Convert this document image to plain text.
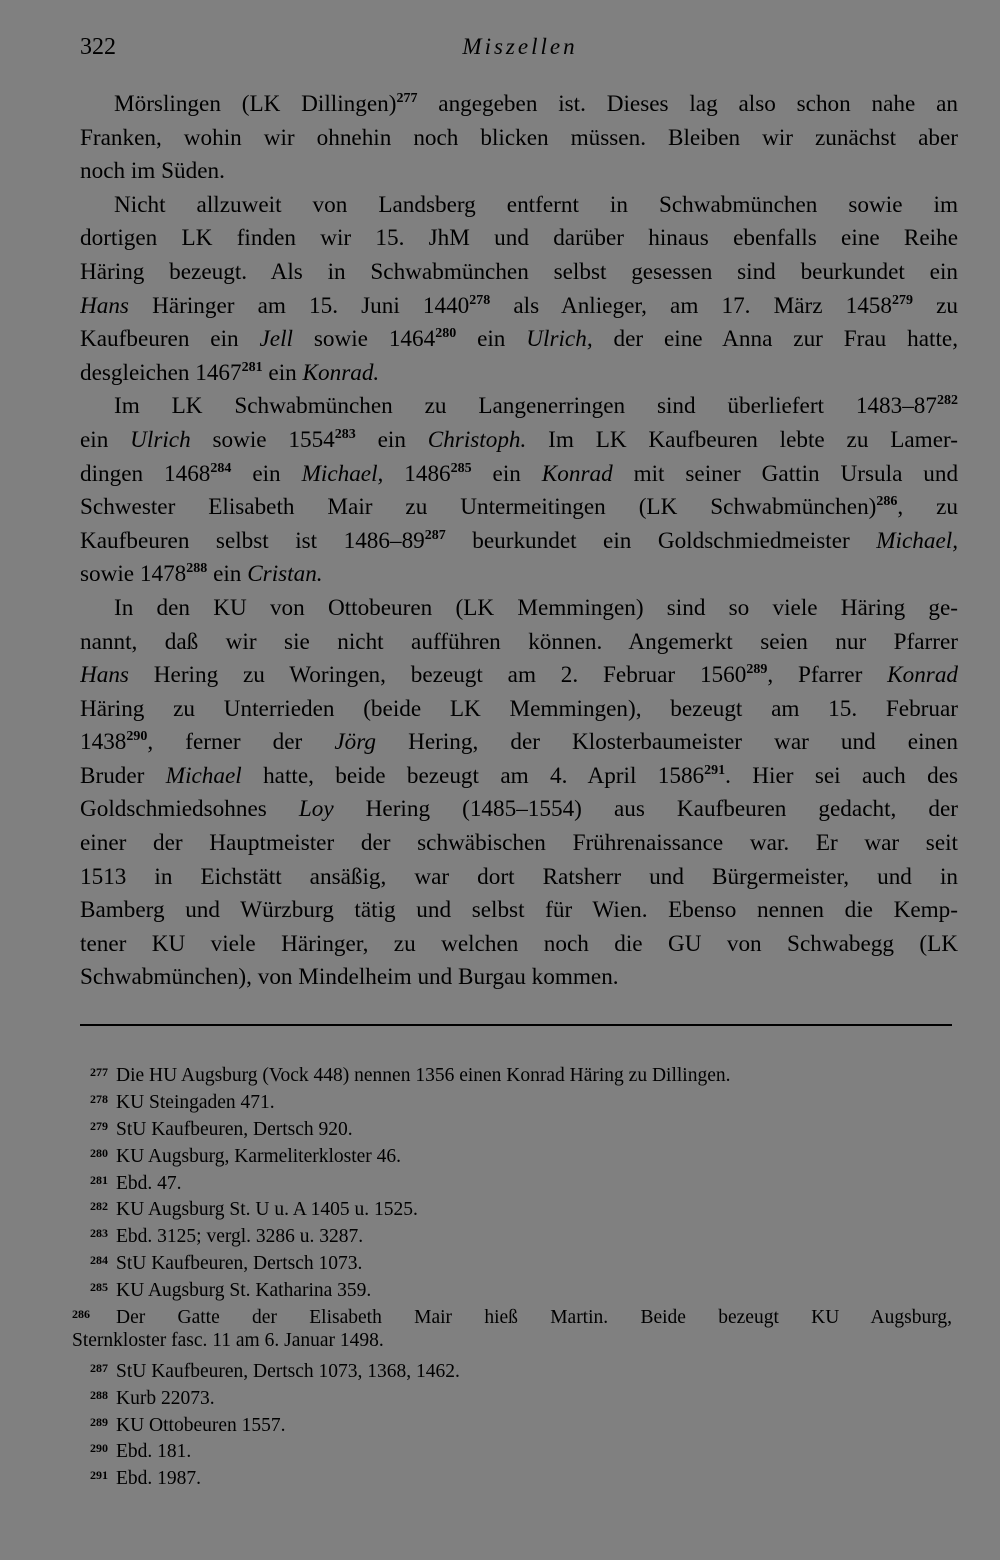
322	Miszellen
Mörslingen (LK Dillingen)$^{277}$ angegeben ist. Dieses lag also schon nahe an
Franken, wohin wir ohnehin noch blicken müssen. Bleiben wir zunächst aber
noch im Süden.
Nicht allzuweit von Landsberg entfernt in Schwabmünchen sowie im
dortigen LK finden wir 15. JhM und darüber hinaus ebenfalls eine Reihe
Häring bezeugt. Als in Schwabmünchen selbst gesessen sind beurkundet ein
Hans Häringer am 15. Juni 1440$^{278}$ als Anlieger, am 17. März 1458$^{279}$ zu
Kaufbeuren ein Jell sowie 1464$^{280}$ ein Ulrich, der eine Anna zur Frau hatte,
desgleichen 1467$^{281}$ ein Konrad.
Im LK Schwabmünchen zu Langenerringen sind überliefert $1483-87^{282}$
ein Ulrich sowie 1554$^{283}$ ein Christoph. Im LK Kaufbeuren lebte zu Lamer-
dingen 1468$^{284}$ ein Michael, 1486$^{285}$ ein Konrad mit seiner Gattin Ursula und
Schwester Elisabeth Mair zu Untermeitingen (LK Schwabmünchen)$^{286}$, zu
Kaufbeuren selbst ist $1486-89^{287}$ beurkundet ein Goldschmiedmeister Michael,
sowie 1478$^{288}$ ein Cristan.
In den KU von Ottobeuren (LK Memmingen) sind so viele Häring ge-
nannt, daß wir sie nicht aufführen können. Angemerkt seien nur Pfarrer
Hans Hering zu Woringen, bezeugt am 2. Februar 1560$^{289}$, Pfarrer Konrad
Häring zu Unterrieden (beide LK Memmingen), bezeugt am 15. Februar
1438$^{290}$, ferner der Jörg Hering, der Klosterbaumeister war und einen
Bruder Michael hatte, beide bezeugt am 4. April 1586$^{291}$. Hier sei auch des
Goldschmiedsohnes Loy Hering (1485–1554) aus Kaufbeuren gedacht, der
einer der Hauptmeister der schwäbischen Frührenaissance war. Er war seit
1513 in Eichstätt ansäßig, war dort Ratsherr und Bürgermeister, und in
Bamberg und Würzburg tätig und selbst für Wien. Ebenso nennen die Kemp-
tener KU viele Häringer, zu welchen noch die GU von Schwabegg (LK
Schwabmünchen), von Mindelheim und Burgau kommen.
277 Die HU Augsburg (Vock 448) nennen 1356 einen Konrad Häring zu Dillingen.
278 KU Steingaden 471.
279 StU Kaufbeuren, Dertsch 920.
280 KU Augsburg, Karmeliterkloster 46.
281 Ebd. 47.
282 KU Augsburg St. U u. A 1405 u. 1525.
283 Ebd. 3125; vergl. 3286 u. 3287.
284 StU Kaufbeuren, Dertsch 1073.
285 KU Augsburg St. Katharina 359.
286 Der Gatte der Elisabeth Mair hieß Martin. Beide bezeugt KU Augsburg,
Sternkloster fasc. 11 am 6. Januar 1498.
287 StU Kaufbeuren, Dertsch 1073, 1368, 1462.
288 Kurb 22073.
289 KU Ottobeuren 1557.
290 Ebd. 181.
291 Ebd. 1987.
